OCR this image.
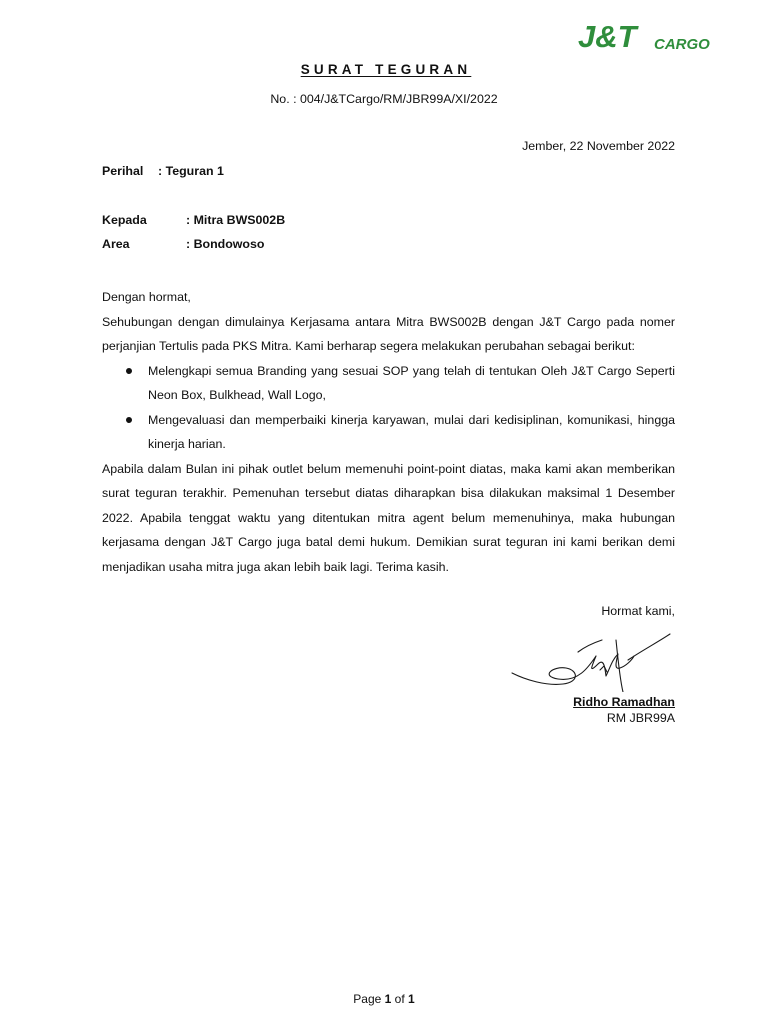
J&T CARGO
SURAT TEGURAN
No. : 004/J&TCargo/RM/JBR99A/XI/2022
Jember, 22 November 2022
Perihal : Teguran 1
Kepada	: Mitra BWS002B
Area	: Bondowoso

Dengan hormat,

Sehubungan dengan dimulainya Kerjasama antara Mitra BWS002B dengan J&T Cargo pada nomer perjanjian Tertulis pada PKS Mitra. Kami berharap segera melakukan perubahan sebagai berikut:

Melengkapi semua Branding yang sesuai SOP yang telah di tentukan Oleh J&T Cargo Seperti Neon Box, Bulkhead, Wall Logo,
Mengevaluasi dan memperbaiki kinerja karyawan, mulai dari kedisiplinan, komunikasi, hingga kinerja harian.

Apabila dalam Bulan ini pihak outlet belum memenuhi point-point diatas, maka kami akan memberikan surat teguran terakhir. Pemenuhan tersebut diatas diharapkan bisa dilakukan maksimal 1 Desember 2022. Apabila tenggat waktu yang ditentukan mitra agent belum memenuhinya, maka hubungan kerjasama dengan J&T Cargo juga batal demi hukum. Demikian surat teguran ini kami berikan demi menjadikan usaha mitra juga akan lebih baik lagi. Terima kasih.

Hormat kami,
Ridho Ramadhan
RM JBR99A
Page 1 of 1
